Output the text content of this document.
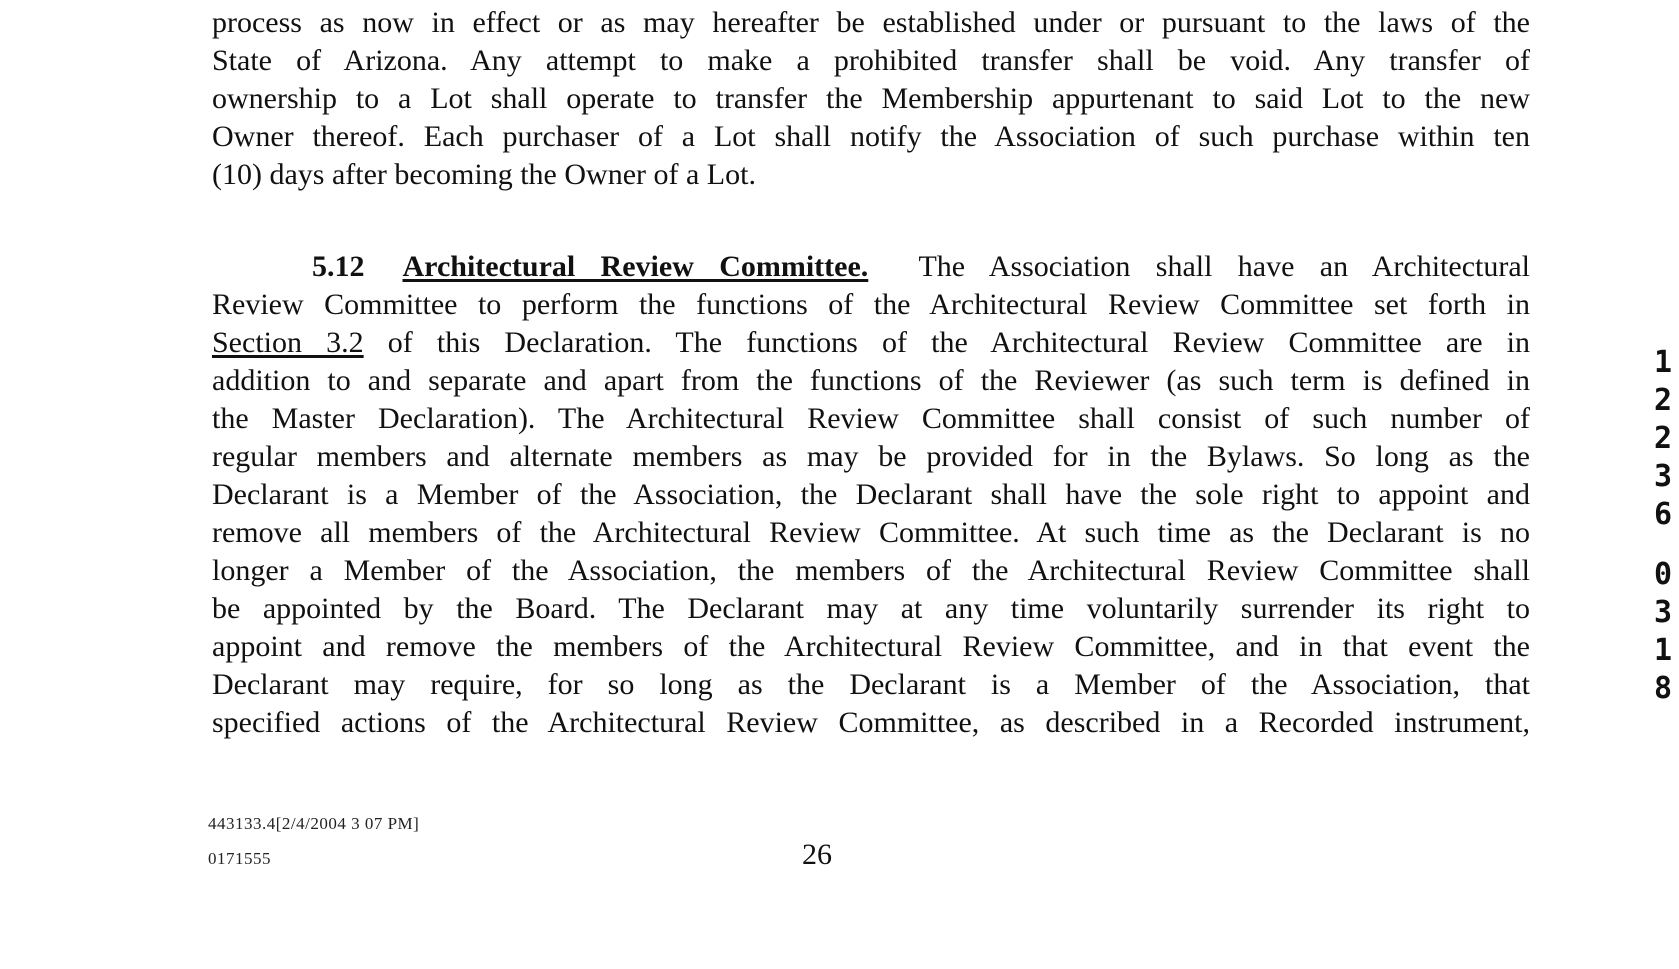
process as now in effect or as may hereafter be established under or pursuant to the laws of the
State of Arizona. Any attempt to make a prohibited transfer shall be void. Any transfer of
ownership to a Lot shall operate to transfer the Membership appurtenant to said Lot to the new
Owner thereof. Each purchaser of a Lot shall notify the Association of such purchase within ten
(10) days after becoming the Owner of a Lot.
5.12 Architectural Review Committee. The Association shall have an Architectural
Review Committee to perform the functions of the Architectural Review Committee set forth in
Section 3.2 of this Declaration. The functions of the Architectural Review Committee are in
addition to and separate and apart from the functions of the Reviewer (as such term is defined in
the Master Declaration). The Architectural Review Committee shall consist of such number of
regular members and alternate members as may be provided for in the Bylaws. So long as the
Declarant is a Member of the Association, the Declarant shall have the sole right to appoint and
remove all members of the Architectural Review Committee. At such time as the Declarant is no
longer a Member of the Association, the members of the Architectural Review Committee shall
be appointed by the Board. The Declarant may at any time voluntarily surrender its right to
appoint and remove the members of the Architectural Review Committee, and in that event the
Declarant may require, for so long as the Declarant is a Member of the Association, that
specified actions of the Architectural Review Committee, as described in a Recorded instrument,
1
2
2
3
6
0
3
1
8
443133.4[2/4/2004 3 07 PM]
0171555	26
